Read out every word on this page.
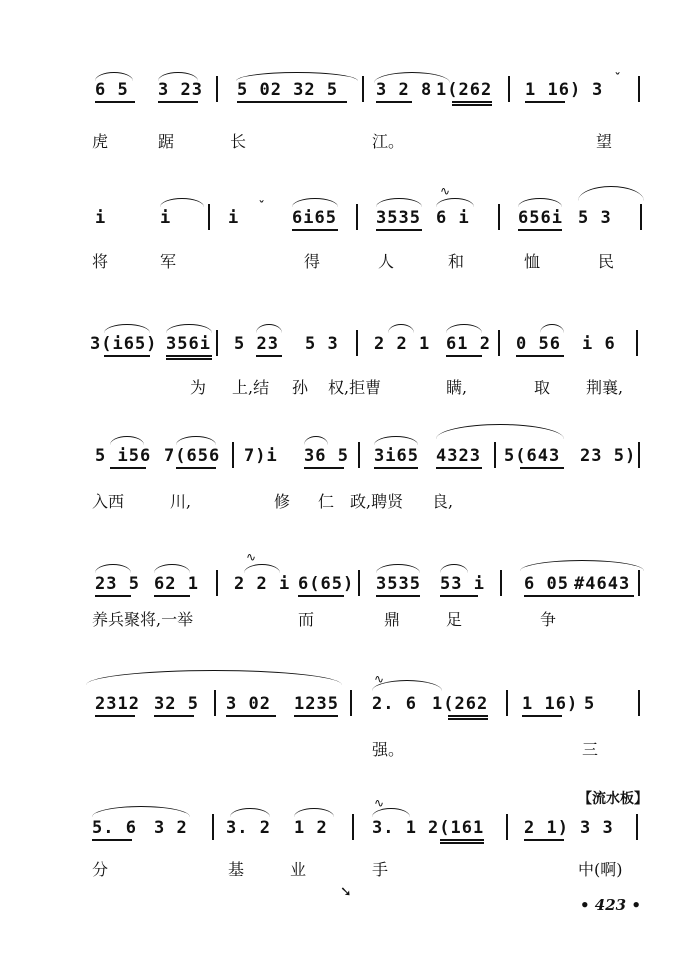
6 5 3 23 5 02 32 5 3 2 8 1(262 1 16) 3
ˇ
虎	踞	长	江。	望
i	i	i
ˇ
6i65 3535 6 i	656i 5 3
∿
将	军	得	人	和	恤	民
3(i65) 356i 5 23 5 3 2 2 1 61 2 0 56 i 6
为 上,结 孙 权,拒曹	瞒,	取 荆襄,
5 i56 7(656 7)i 36 5 3i65 4323 5(643 23 5)
入西	川,	修 仁 政,聘贤 良,
23 5 62 1 2 2 i 6(65) 3535 53 i 6 05 #4643
∿
养兵聚将,一举	而	鼎	足	争
2312 32 5 3 02 1235 2. 6 1(262 1 16) 5
∿
强。	三
【流水板】
5. 6 3 2 3. 2 1 2	3. 1 2(161 2 1) 3 3
∿
分	基	业	手	中(啊)
➘
• 423 •
